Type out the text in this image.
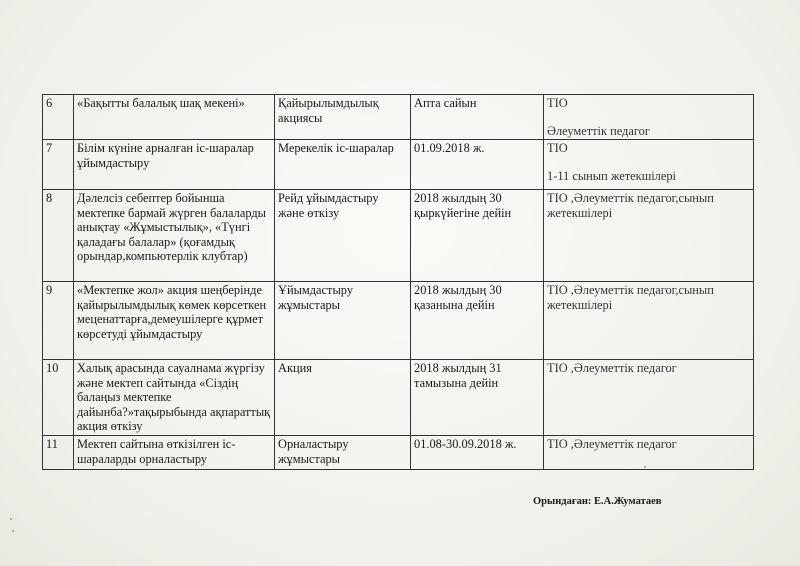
6	«Бақытты балалық шақ мекені»	Қайырылымдылық акциясы	Апта сайын	ТІО
Әлеуметтік педагог

7	Білім күніне арналған іс-шаралар ұйымдастыру	Мерекелік іс-шаралар	01.09.2018 ж.	ТІО
1-11 сынып жетекшілері

8	Дәлелсіз себептер бойынша мектепке бармай жүрген балаларды анықтау «Жұмыстылық», «Түнгі қаладағы балалар» (қоғамдық орындар,компьютерлік клубтар)	Рейд ұйымдастыру және өткізу	2018 жылдың 30 қыркүйегіне дейін	ТІО ,Әлеуметтік педагог,сынып жетекшілері
9	«Мектепке жол» акция шеңберінде қайырылымдылық көмек көрсеткен меценаттарға,демеушілерге құрмет көрсетуді ұйымдастыру	Ұйымдастыру жұмыстары	2018 жылдың 30 қазанына дейін	ТІО ,Әлеуметтік педагог,сынып жетекшілері
10	Халық арасында сауалнама жүргізу және мектеп сайтында «Сіздің балаңыз мектепке дайынба?»тақырыбында ақпараттық акция өткізу	Акция	2018 жылдың 31 тамызына дейін	ТІО ,Әлеуметтік педагог
11	Мектеп сайтына өткізілген іс-шараларды орналастыру	Орналастыру жұмыстары	01.08-30.09.2018 ж.	ТІО ,Әлеуметтік педагог
Орындаған: Е.А.Жуматаев
